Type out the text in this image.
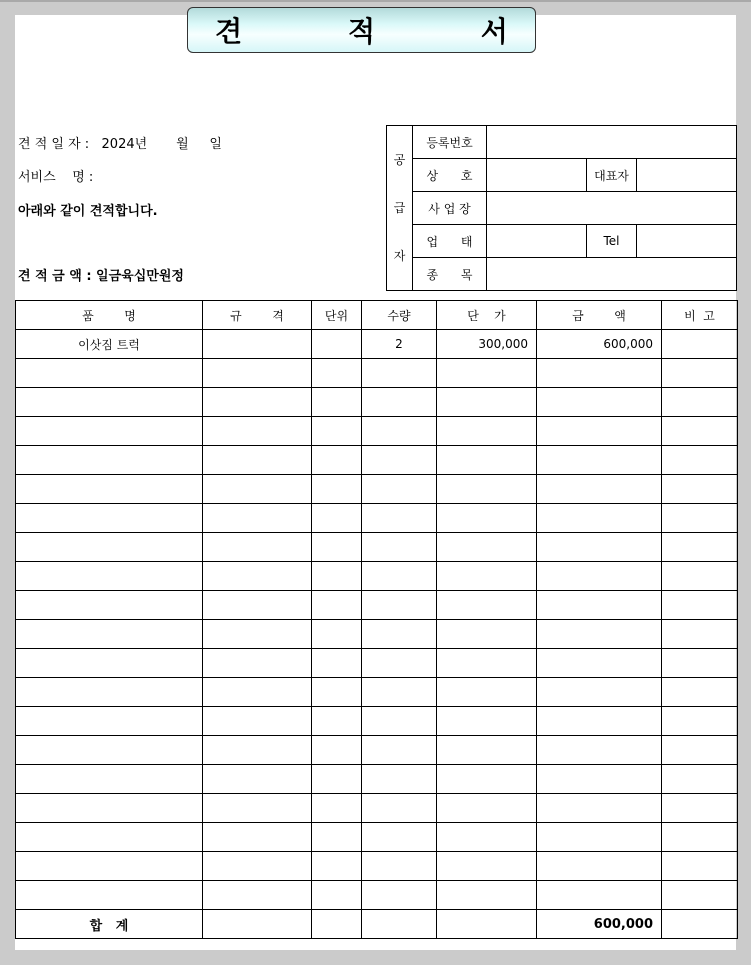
견 적 서
견 적 일 자 :   2024년       월     일
서비스    명 :
아래와 같이 견적합니다.
견 적 금 액 : 일금육십만원정
공
급
자	등록번호			
	상      호		대표자	
	사 업 장			
	업      태		Tel	
	종      목			
품        명	규        격	단위	수량	단    가	금        액	비  고
이삿짐 트럭			2	300,000	600,000	

합   계					600,000	
